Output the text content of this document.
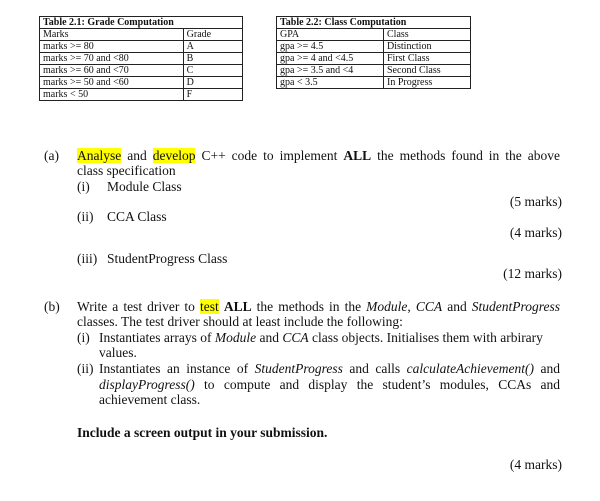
Table 2.1: Grade Computation	
Marks	Grade
marks >= 80	A
marks >= 70 and <80	B
marks >= 60 and <70	C
marks >= 50 and <60	D
marks < 50	F
Table 2.2: Class Computation	
GPA	Class
gpa >= 4.5	Distinction
gpa >= 4 and <4.5	First Class
gpa >= 3.5 and <4	Second Class
gpa < 3.5	In Progress
(a) Analyse and develop C++ code to implement ALL the methods found in the above
class specification
(i) Module Class
(5 marks)
(ii) CCA Class
(4 marks)
(iii) StudentProgress Class
(12 marks)
(b) Write a test driver to test ALL the methods in the Module, CCA and StudentProgress
classes. The test driver should at least include the following:
(i) Instantiates arrays of Module and CCA class objects. Initialises them with arbirary
values.
(ii) Instantiates an instance of StudentProgress and calls calculateAchievement() and
displayProgress() to compute and display the student’s modules, CCAs and
achievement class.
Include a screen output in your submission.
(4 marks)
